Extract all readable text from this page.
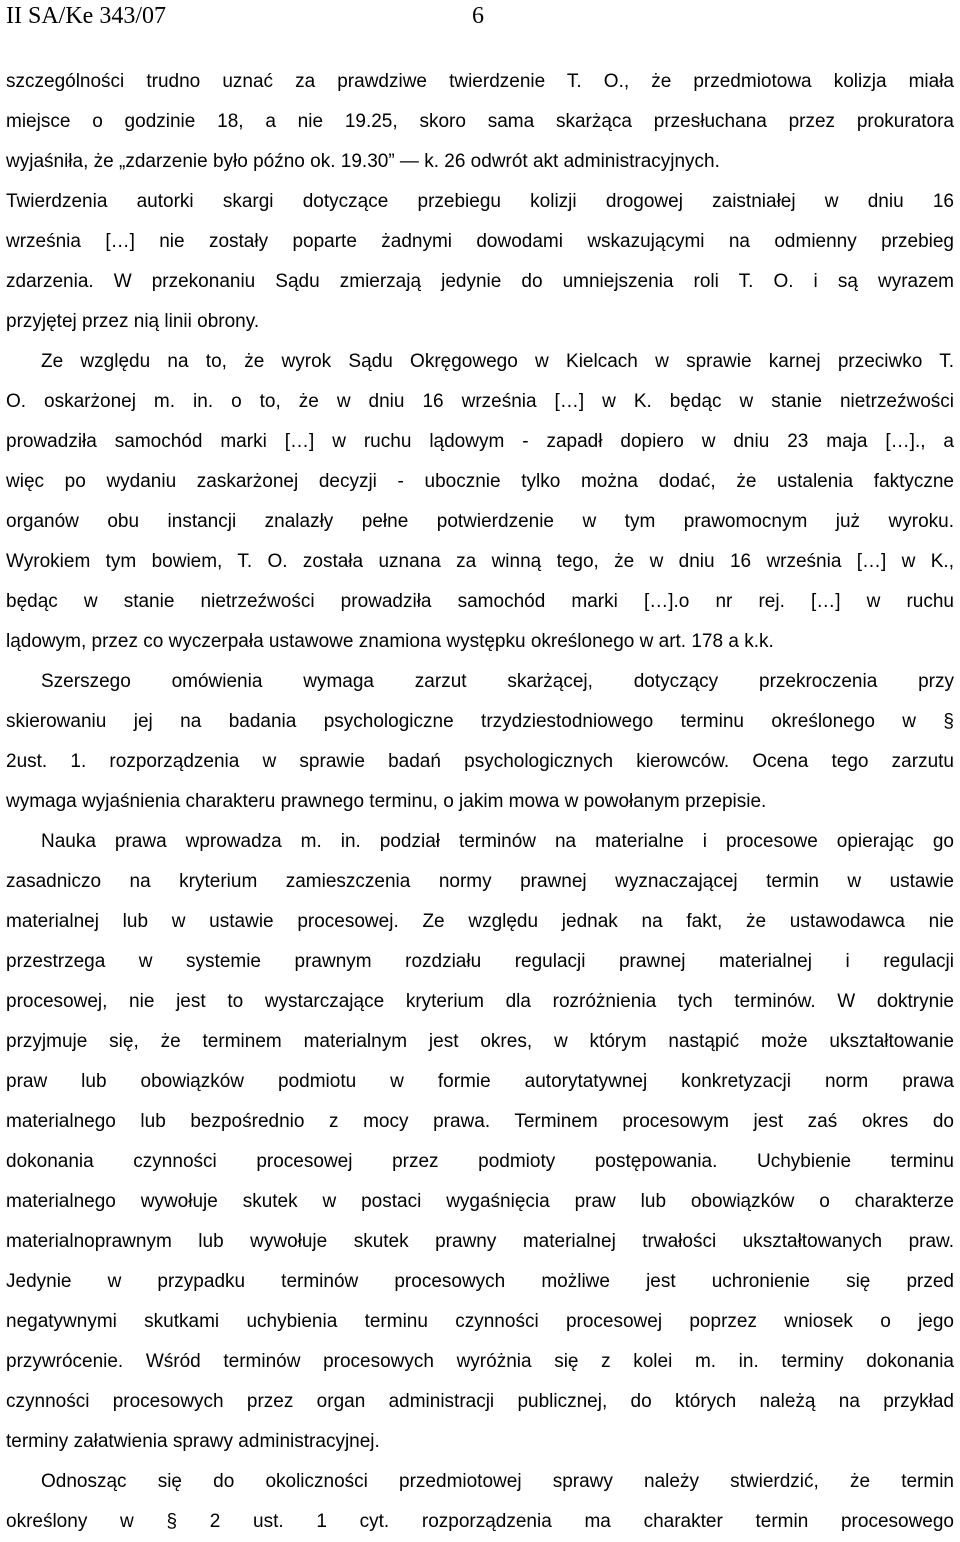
II SA/Ke 343/07	6
szczególności trudno uznać za prawdziwe twierdzenie T. O., że przedmiotowa kolizja miała
miejsce o godzinie 18, a nie 19.25, skoro sama skarżąca przesłuchana przez prokuratora
wyjaśniła, że „zdarzenie było późno ok. 19.30” — k. 26 odwrót akt administracyjnych.
Twierdzenia autorki skargi dotyczące przebiegu kolizji drogowej zaistniałej w dniu 16
września […] nie zostały poparte żadnymi dowodami wskazującymi na odmienny przebieg
zdarzenia. W przekonaniu Sądu zmierzają jedynie do umniejszenia roli T. O. i są wyrazem
przyjętej przez nią linii obrony.
Ze względu na to, że wyrok Sądu Okręgowego w Kielcach w sprawie karnej przeciwko T.
O. oskarżonej m. in. o to, że w dniu 16 września […] w K. będąc w stanie nietrzeźwości
prowadziła samochód marki […] w ruchu lądowym - zapadł dopiero w dniu 23 maja […]., a
więc po wydaniu zaskarżonej decyzji - ubocznie tylko można dodać, że ustalenia faktyczne
organów obu instancji znalazły pełne potwierdzenie w tym prawomocnym już wyroku.
Wyrokiem tym bowiem, T. O. została uznana za winną tego, że w dniu 16 września […] w K.,
będąc w stanie nietrzeźwości prowadziła samochód marki […].o nr rej. […] w ruchu
lądowym, przez co wyczerpała ustawowe znamiona występku określonego w art. 178 a k.k.
Szerszego omówienia wymaga zarzut skarżącej, dotyczący przekroczenia przy
skierowaniu jej na badania psychologiczne trzydziestodniowego terminu określonego w §
2ust. 1. rozporządzenia w sprawie badań psychologicznych kierowców. Ocena tego zarzutu
wymaga wyjaśnienia charakteru prawnego terminu, o jakim mowa w powołanym przepisie.
Nauka prawa wprowadza m. in. podział terminów na materialne i procesowe opierając go
zasadniczo na kryterium zamieszczenia normy prawnej wyznaczającej termin w ustawie
materialnej lub w ustawie procesowej. Ze względu jednak na fakt, że ustawodawca nie
przestrzega w systemie prawnym rozdziału regulacji prawnej materialnej i regulacji
procesowej, nie jest to wystarczające kryterium dla rozróżnienia tych terminów. W doktrynie
przyjmuje się, że terminem materialnym jest okres, w którym nastąpić może ukształtowanie
praw lub obowiązków podmiotu w formie autorytatywnej konkretyzacji norm prawa
materialnego lub bezpośrednio z mocy prawa. Terminem procesowym jest zaś okres do
dokonania czynności procesowej przez podmioty postępowania. Uchybienie terminu
materialnego wywołuje skutek w postaci wygaśnięcia praw lub obowiązków o charakterze
materialnoprawnym lub wywołuje skutek prawny materialnej trwałości ukształtowanych praw.
Jedynie w przypadku terminów procesowych możliwe jest uchronienie się przed
negatywnymi skutkami uchybienia terminu czynności procesowej poprzez wniosek o jego
przywrócenie. Wśród terminów procesowych wyróżnia się z kolei m. in. terminy dokonania
czynności procesowych przez organ administracji publicznej, do których należą na przykład
terminy załatwienia sprawy administracyjnej.
Odnosząc się do okoliczności przedmiotowej sprawy należy stwierdzić, że termin
określony w § 2 ust. 1 cyt. rozporządzenia ma charakter termin procesowego
